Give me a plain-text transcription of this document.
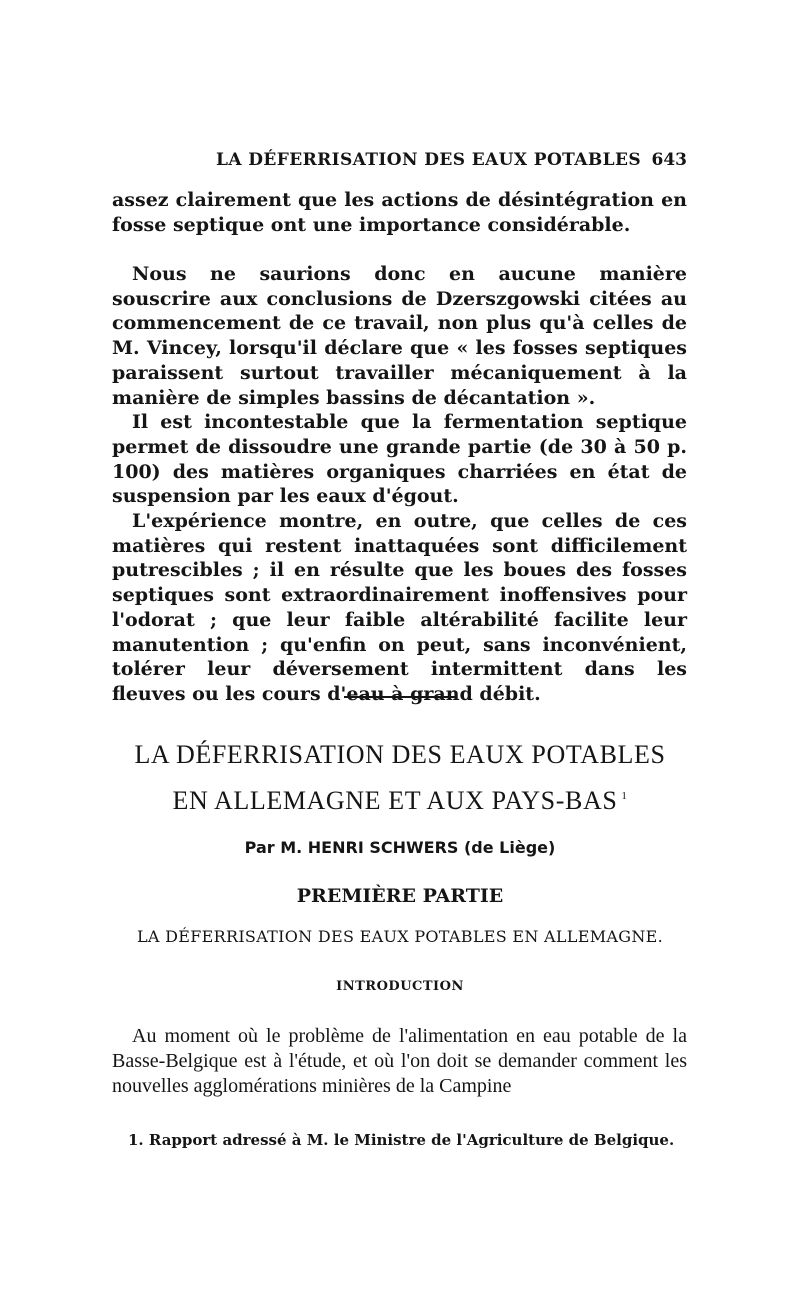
LA DÉFERRISATION DES EAUX POTABLES 643

assez clairement que les actions de désintégration en fosse septique ont une importance considérable.

Nous ne saurions donc en aucune manière souscrire aux conclusions de Dzerszgowski citées au commencement de ce travail, non plus qu'à celles de M. Vincey, lorsqu'il déclare que « les fosses septiques paraissent surtout travailler mécaniquement à la manière de simples bassins de décantation ».

Il est incontestable que la fermentation septique permet de dissoudre une grande partie (de 30 à 50 p. 100) des matières organiques charriées en état de suspension par les eaux d'égout.

L'expérience montre, en outre, que celles de ces matières qui restent inattaquées sont difficilement putrescibles ; il en résulte que les boues des fosses septiques sont extraordinairement inoffensives pour l'odorat ; que leur faible altérabilité facilite leur manutention ; qu'enfin on peut, sans inconvénient, tolérer leur déversement intermittent dans les fleuves ou les cours d'eau à grand débit.

LA DÉFERRISATION DES EAUX POTABLES
EN ALLEMAGNE ET AUX PAYS-BAS $^1$
Par M. HENRI SCHWERS (de Liège)
PREMIÈRE PARTIE
LA DÉFERRISATION DES EAUX POTABLES EN ALLEMAGNE.
INTRODUCTION

Au moment où le problème de l'alimentation en eau potable de la Basse-Belgique est à l'étude, et où l'on doit se demander comment les nouvelles agglomérations minières de la Campine

1. Rapport adressé à M. le Ministre de l'Agriculture de Belgique.
